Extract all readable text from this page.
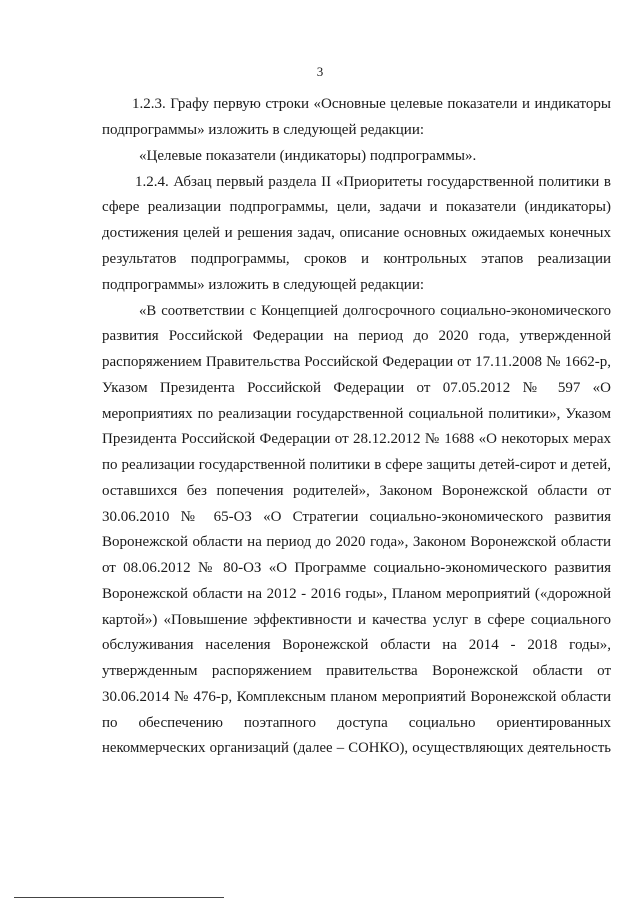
3
1.2.3. Графу первую строки «Основные целевые показатели и индикаторы
подпрограммы» изложить в следующей редакции:
«Целевые показатели (индикаторы) подпрограммы».
1.2.4. Абзац первый раздела II «Приоритеты государственной политики в
сфере реализации подпрограммы, цели, задачи и показатели (индикаторы)
достижения целей и решения задач, описание основных ожидаемых конечных
результатов подпрограммы, сроков и контрольных этапов реализации
подпрограммы» изложить в следующей редакции:
«В соответствии с Концепцией долгосрочного социально-экономического
развития Российской Федерации на период до 2020 года, утвержденной
распоряжением Правительства Российской Федерации от 17.11.2008 № 1662-р,
Указом Президента Российской Федерации от 07.05.2012 № 597 «О
мероприятиях по реализации государственной социальной политики», Указом
Президента Российской Федерации от 28.12.2012 № 1688 «О некоторых мерах
по реализации государственной политики в сфере защиты детей-сирот и детей,
оставшихся без попечения родителей», Законом Воронежской области от
30.06.2010 № 65-ОЗ «О Стратегии социально-экономического развития
Воронежской области на период до 2020 года», Законом Воронежской области
от 08.06.2012 № 80-ОЗ «О Программе социально-экономического развития
Воронежской области на 2012 - 2016 годы», Планом мероприятий («дорожной
картой») «Повышение эффективности и качества услуг в сфере социального
обслуживания населения Воронежской области на 2014 - 2018 годы»,
утвержденным распоряжением правительства Воронежской области от
30.06.2014 № 476-р, Комплексным планом мероприятий Воронежской области
по обеспечению поэтапного доступа социально ориентированных
некоммерческих организаций (далее – СОНКО), осуществляющих деятельность
